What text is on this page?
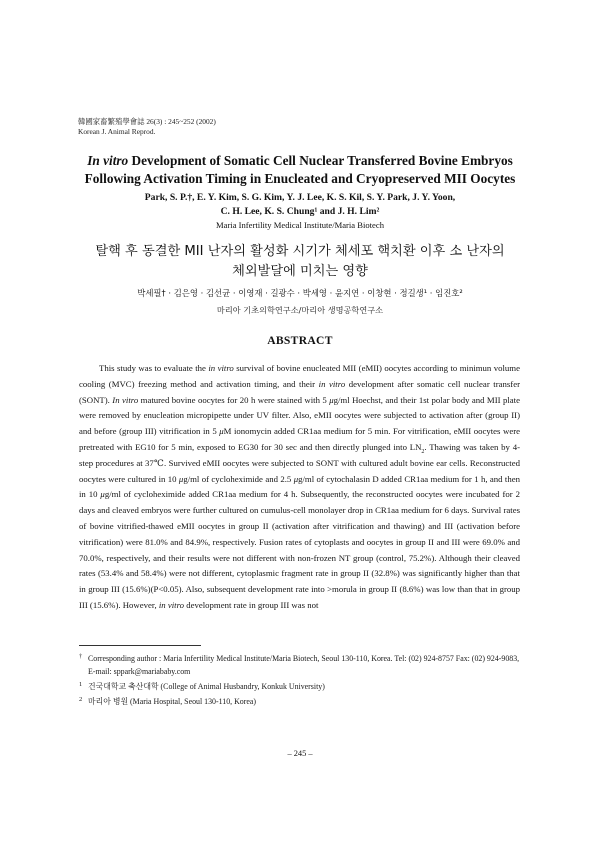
韓國家畜繁殖學會誌 26(3) : 245~252 (2002)
Korean J. Animal Reprod.
In vitro Development of Somatic Cell Nuclear Transferred Bovine Embryos
Following Activation Timing in Enucleated and Cryopreserved MII Oocytes
Park, S. P.†, E. Y. Kim, S. G. Kim, Y. J. Lee, K. S. Kil, S. Y. Park, J. Y. Yoon,
C. H. Lee, K. S. Chung¹ and J. H. Lim²
Maria Infertility Medical Institute/Maria Biotech
탈핵 후 동결한 MII 난자의 활성화 시기가 체세포 핵치환 이후 소 난자의
체외발달에 미치는 영향
박세필† · 김은영 · 김선균 · 이영재 · 길광수 · 박세영 · 윤지연 · 이창현 · 정길생¹ · 임진호²
마리아 기초의학연구소/마리아 생명공학연구소
ABSTRACT

This study was to evaluate the in vitro survival of bovine enucleated MII (eMII) oocytes according to minimun volume cooling (MVC) freezing method and activation timing, and their in vitro development after somatic cell nuclear transfer (SONT). In vitro matured bovine oocytes for 20 h were stained with 5 μg/ml Hoechst, and their 1st polar body and MII plate were removed by enucleation micropipette under UV filter. Also, eMII oocytes were subjected to activation after (group II) and before (group III) vitrification in 5 μM ionomycin added CR1aa medium for 5 min. For vitrification, eMII oocytes were pretreated with EG10 for 5 min, exposed to EG30 for 30 sec and then directly plunged into $LN_2$. Thawing was taken by 4-step procedures at 37℃. Survived eMII oocytes were subjected to SONT with cultured adult bovine ear cells. Reconstructed oocytes were cultured in 10 μg/ml of cycloheximide and 2.5 μg/ml of cytochalasin D added CR1aa medium for 1 h, and then in 10 μg/ml of cycloheximide added CR1aa medium for 4 h. Subsequently, the reconstructed oocytes were incubated for 2 days and cleaved embryos were further cultured on cumulus-cell monolayer drop in CR1aa medium for 6 days. Survival rates of bovine vitrified-thawed eMII oocytes in group II (activation after vitrification and thawing) and III (activation before vitrification) were 81.0% and 84.9%, respectively. Fusion rates of cytoplasts and oocytes in group II and III were 69.0% and 70.0%, respectively, and their results were not different with non-frozen NT group (control, 75.2%). Although their cleaved rates (53.4% and 58.4%) were not different, cytoplasmic fragment rate in group II (32.8%) was significantly higher than that in group III (15.6%)(P<0.05). Also, subsequent development rate into >morula in group II (8.6%) was low than that in group III (15.6%). However, in vitro development rate in group III was not

† Corresponding author : Maria Infertility Medical Institute/Maria Biotech, Seoul 130-110, Korea. Tel: (02) 924-8757 Fax: (02) 924-9083, E-mail: sppark@mariababy.com
1 건국대학교 축산대학 (College of Animal Husbandry, Konkuk University)
2 마리아 병원 (Maria Hospital, Seoul 130-110, Korea)
– 245 –
